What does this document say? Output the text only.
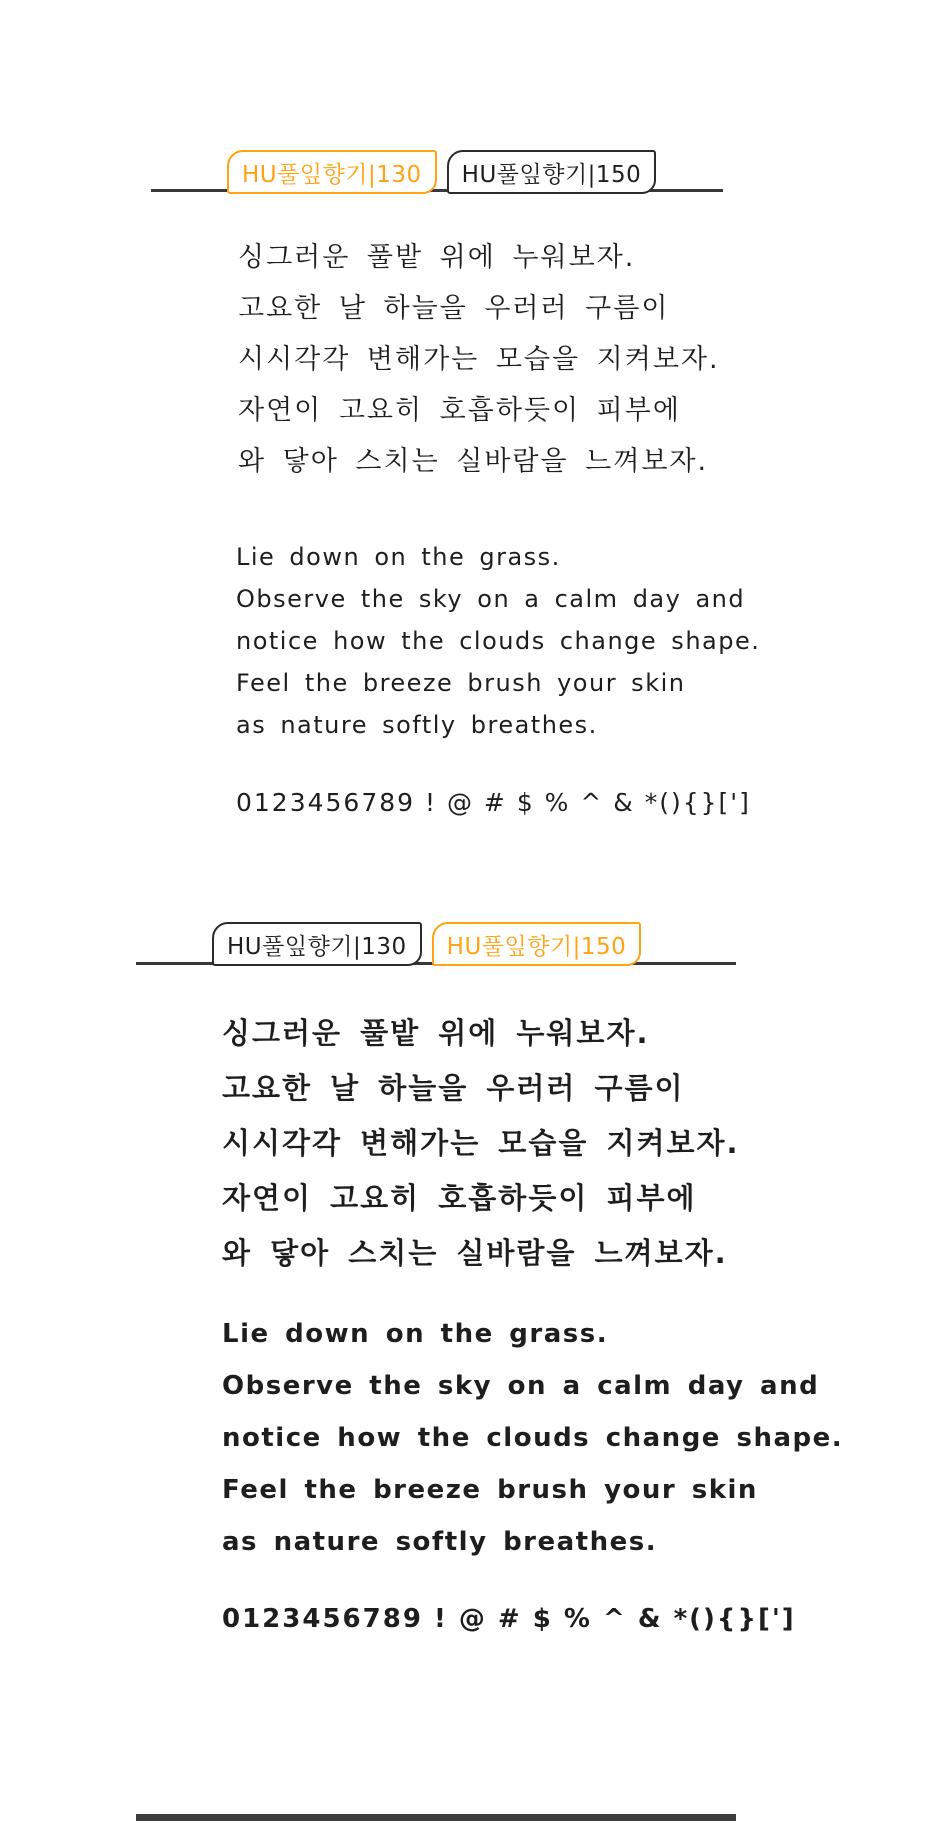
HU풀잎향기|130 HU풀잎향기|150

싱그러운 풀밭 위에 누워보자.

고요한 날 하늘을 우러러 구름이

시시각각 변해가는 모습을 지켜보자.

자연이 고요히 호흡하듯이 피부에

와 닿아 스치는 실바람을 느껴보자.

Lie down on the grass.

Observe the sky on a calm day and

notice how the clouds change shape.

Feel the breeze brush your skin

as nature softly breathes.

0123456789 ! @ # $ % ^ & *(){}[']

HU풀잎향기|130 HU풀잎향기|150

싱그러운 풀밭 위에 누워보자.

고요한 날 하늘을 우러러 구름이

시시각각 변해가는 모습을 지켜보자.

자연이 고요히 호흡하듯이 피부에

와 닿아 스치는 실바람을 느껴보자.

Lie down on the grass.

Observe the sky on a calm day and

notice how the clouds change shape.

Feel the breeze brush your skin

as nature softly breathes.

0123456789 ! @ # $ % ^ & *(){}[']
